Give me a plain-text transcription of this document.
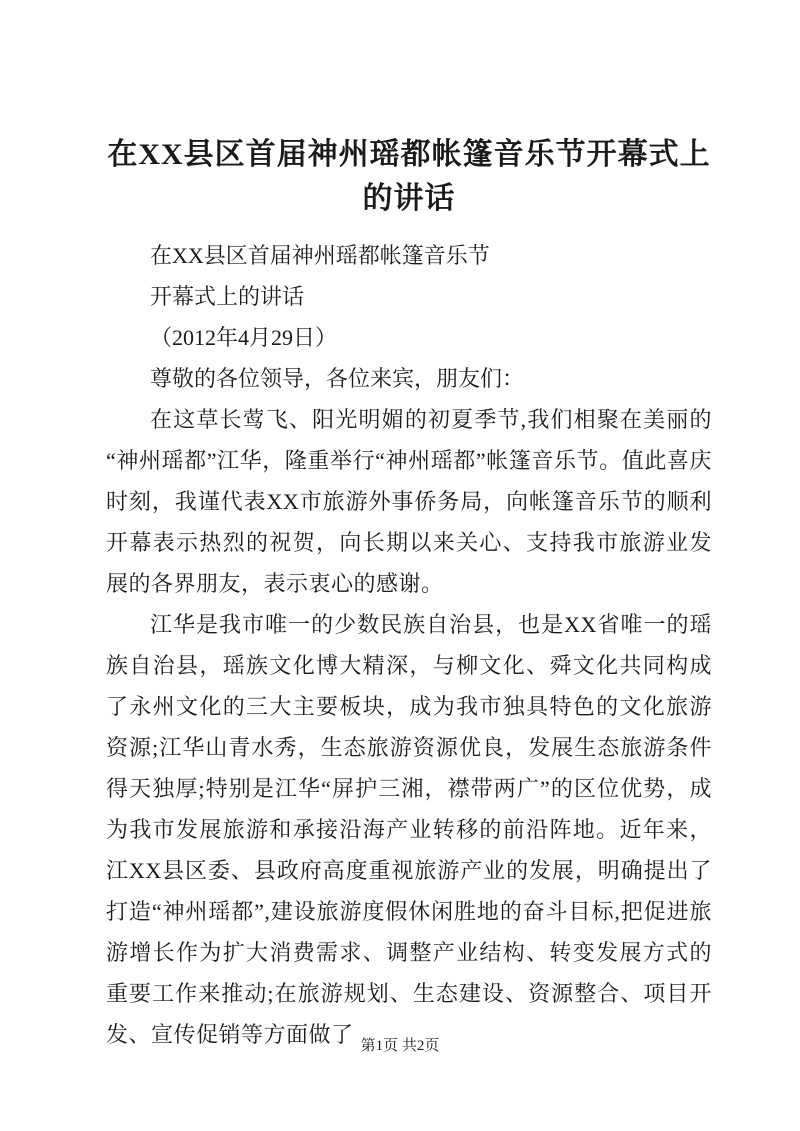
在XX县区首届神州瑶都帐篷音乐节开幕式上的讲话

在XX县区首届神州瑶都帐篷音乐节

开幕式上的讲话

（2012年4月29日）

尊敬的各位领导，各位来宾，朋友们：

在这草长莺飞、阳光明媚的初夏季节,我们相聚在美丽的“神州瑶都”江华，隆重举行“神州瑶都”帐篷音乐节。值此喜庆时刻，我谨代表XX市旅游外事侨务局，向帐篷音乐节的顺利开幕表示热烈的祝贺，向长期以来关心、支持我市旅游业发展的各界朋友，表示衷心的感谢。

江华是我市唯一的少数民族自治县，也是XX省唯一的瑶族自治县，瑶族文化博大精深，与柳文化、舜文化共同构成了永州文化的三大主要板块，成为我市独具特色的文化旅游资源;江华山青水秀，生态旅游资源优良，发展生态旅游条件得天独厚;特别是江华“屏护三湘，襟带两广”的区位优势，成为我市发展旅游和承接沿海产业转移的前沿阵地。近年来，江XX县区委、县政府高度重视旅游产业的发展，明确提出了打造“神州瑶都”,建设旅游度假休闲胜地的奋斗目标,把促进旅游增长作为扩大消费需求、调整产业结构、转变发展方式的重要工作来推动;在旅游规划、生态建设、资源整合、项目开发、宣传促销等方面做了 第1页 共2页
